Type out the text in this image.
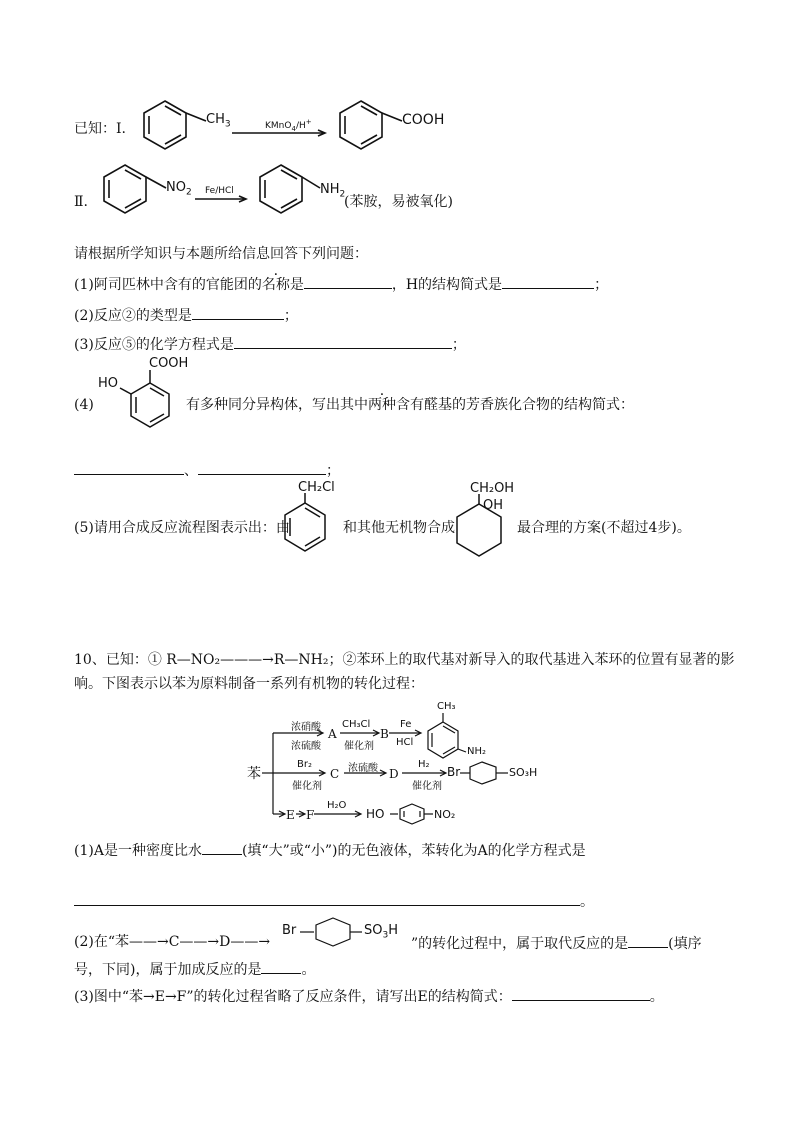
已知： Ⅰ.
$CH_3$	KMnO$_4$/H+	COOH
Ⅱ.
$NO_2$ Fe/HCl	$NH_2$
(苯胺，易被氧化)
请根据所学知识与本题所给信息回答下列问题：
(1)阿司匹林中含有的官能团的名称是	，H的结构简式是	；
(2)反应②的类型是	；
(3)反应⑤的化学方程式是	；
(4)
COOH
HO
有多种同分异构体，写出其中两种含有醛基的芳香族化合物的结构简式：
、	；
(5)请用合成反应流程图表示出：由
CH₂Cl
和其他无机物合成
CH₂OH
OH
最合理的方案(不超过4步)。
10、已知：① R—NO₂———→R—NH₂；②苯环上的取代基对新导入的取代基进入苯环的位置有显著的影
响。下图表示以苯为原料制备一系列有机物的转化过程：
苯
浓硝酸
浓硫酸
A
CH₃Cl
催化剂
B
Fe
HCl
CH₃
NH₂
Br₂
催化剂
C 浓硫酸 D
H₂
催化剂
Br	SO₃H
E F
H₂O
HO	NO₂
(1)A是一种密度比水	(填“大”或“小”)的无色液体，苯转化为A的化学方程式是
。
(2)在“苯——→C——→D——→
Br	$SO_3H$
”的转化过程中，属于取代反应的是	(填序
号，下同)，属于加成反应的是	。
(3)图中“苯→E→F”的转化过程省略了反应条件，请写出E的结构简式：	。
